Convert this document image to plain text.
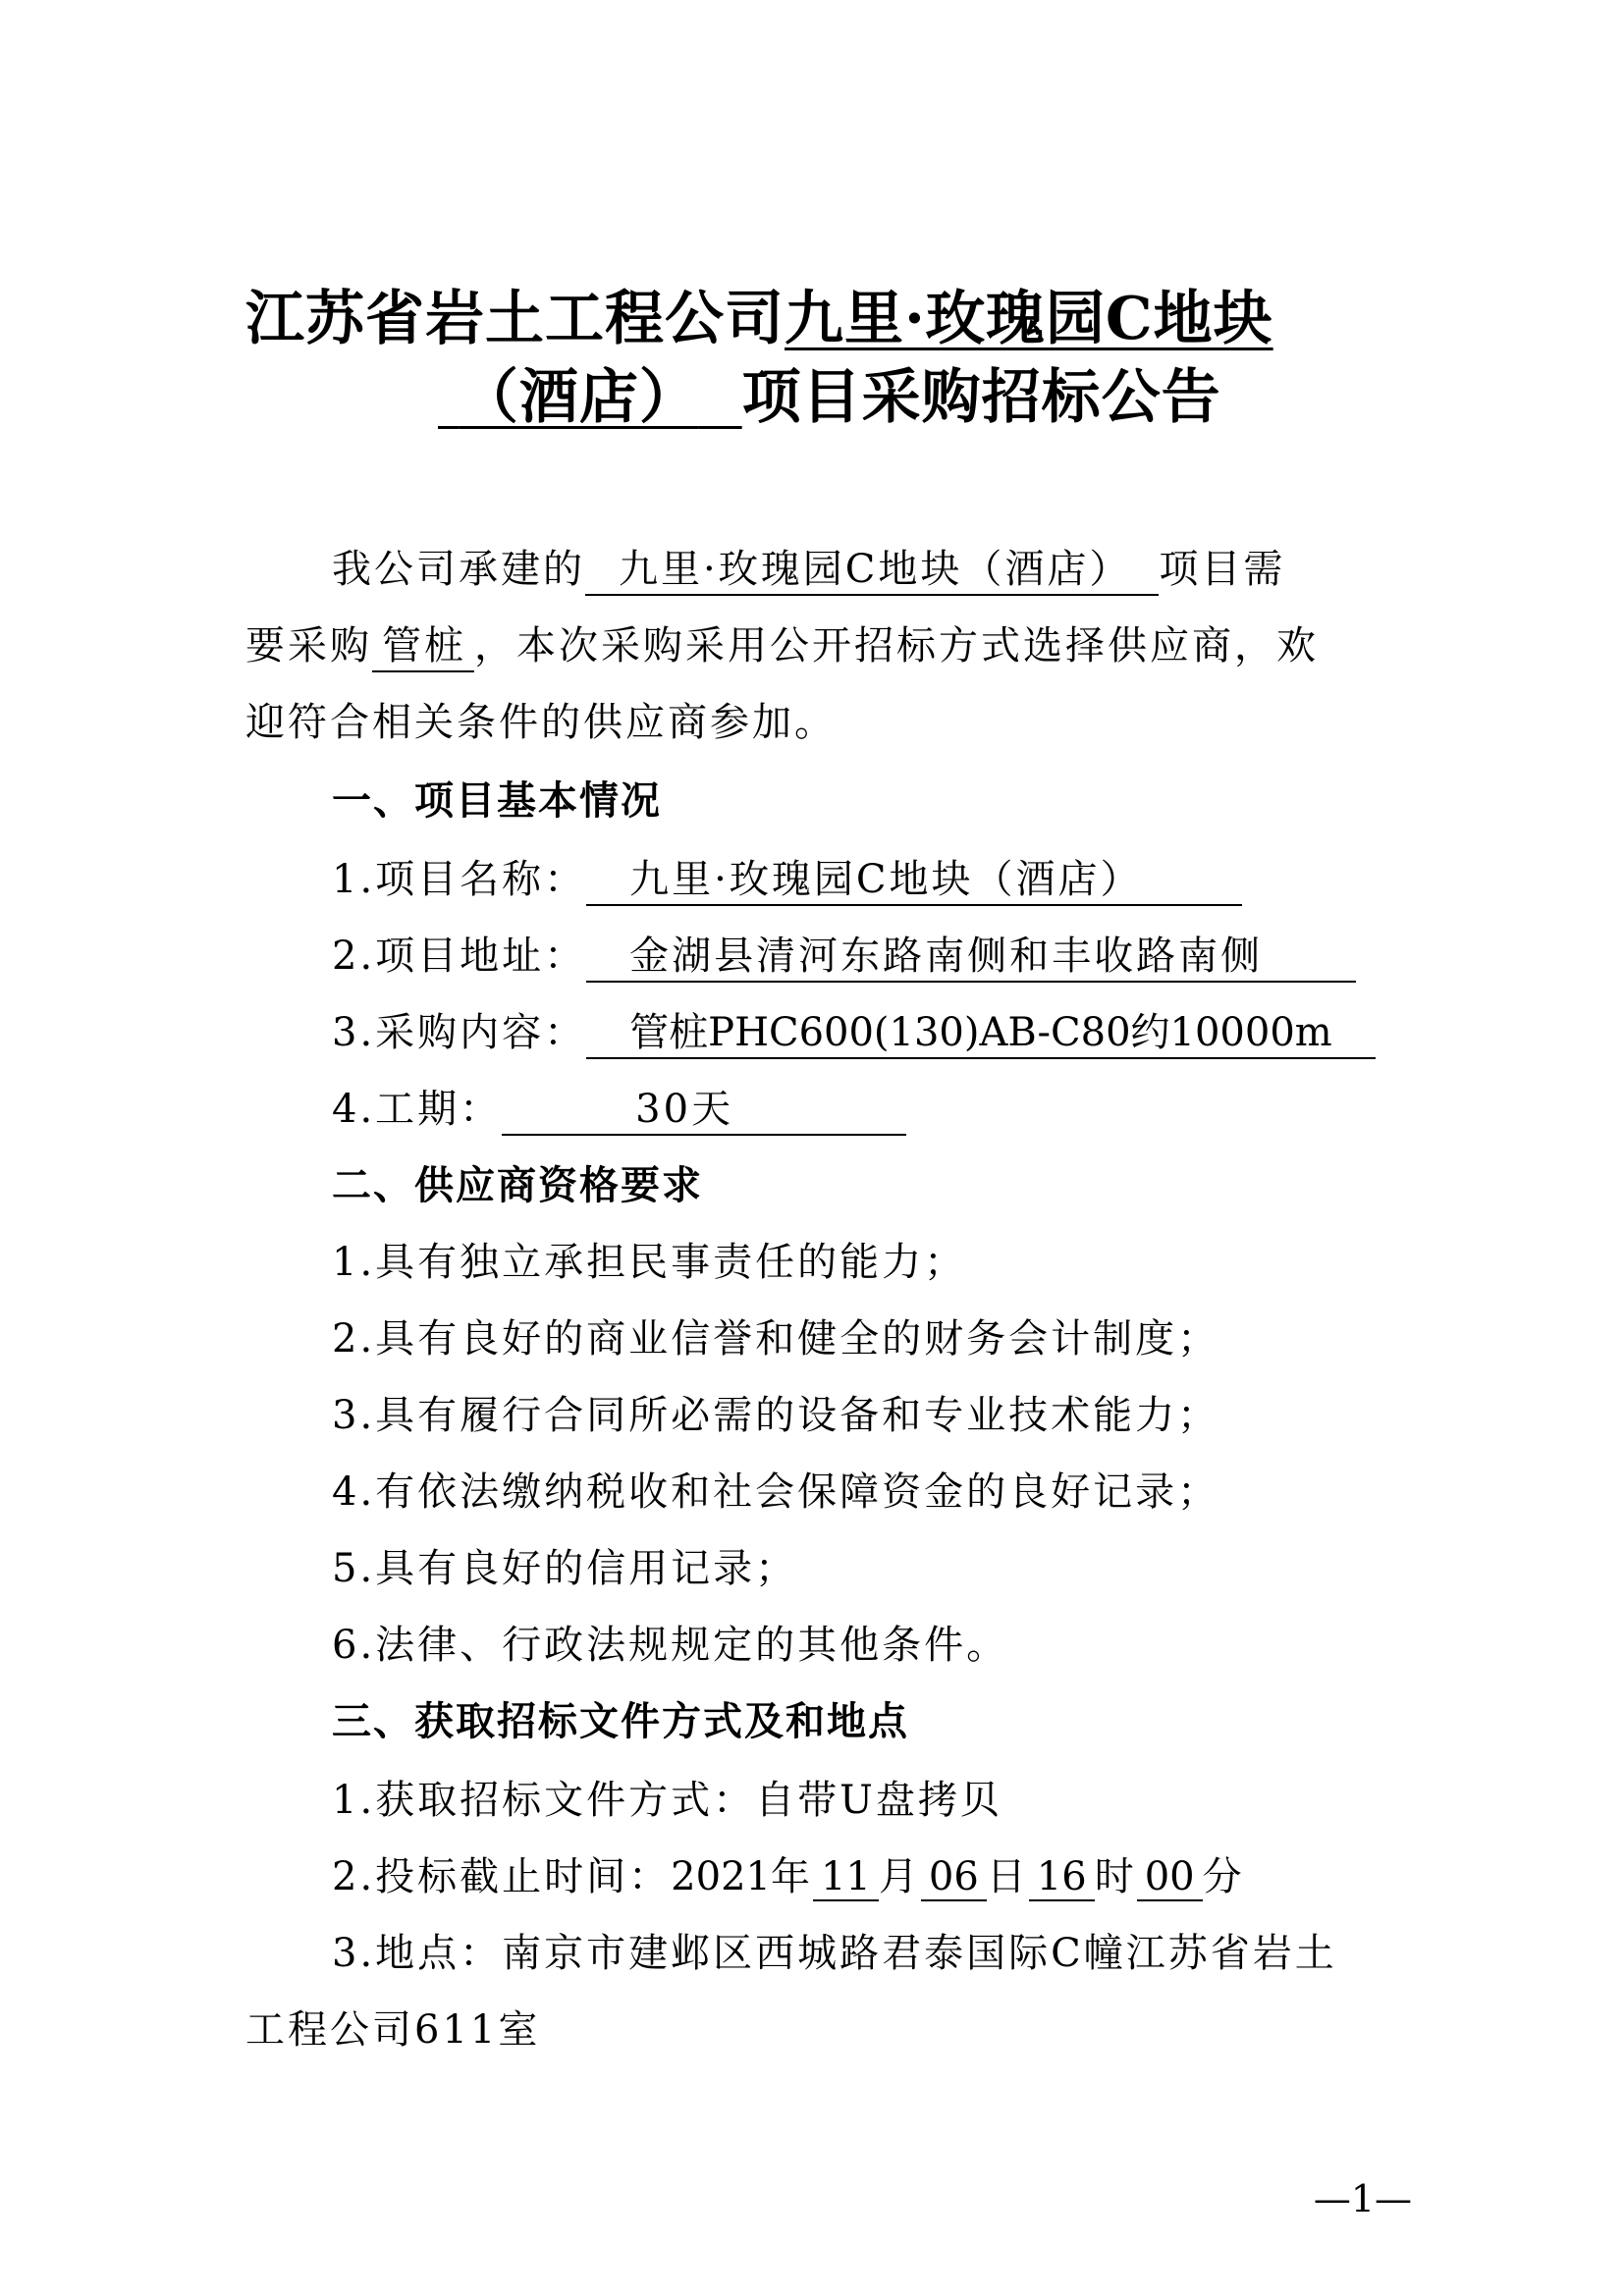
江苏省岩土工程公司九里·玫瑰园C地块
（酒店） 项目采购招标公告
我公司承建的 九里·玫瑰园C地块（酒店） 项目需
要采购 管桩 ，本次采购采用公开招标方式选择供应商，欢
迎符合相关条件的供应商参加。
一、项目基本情况
1.项目名称： 九里·玫瑰园C地块（酒店）
2.项目地址： 金湖县清河东路南侧和丰收路南侧
3.采购内容： 管桩PHC600(130)AB-C80约10000m
4.工期：	30天
二、供应商资格要求
1.具有独立承担民事责任的能力；
2.具有良好的商业信誉和健全的财务会计制度；
3.具有履行合同所必需的设备和专业技术能力；
4.有依法缴纳税收和社会保障资金的良好记录；
5.具有良好的信用记录；
6.法律、行政法规规定的其他条件。
三、获取招标文件方式及和地点
1.获取招标文件方式：自带U盘拷贝
2.投标截止时间：2021年 11 月 06 日 16 时 00 分
3.地点：南京市建邺区西城路君泰国际C幢江苏省岩土
工程公司611室
—1—
